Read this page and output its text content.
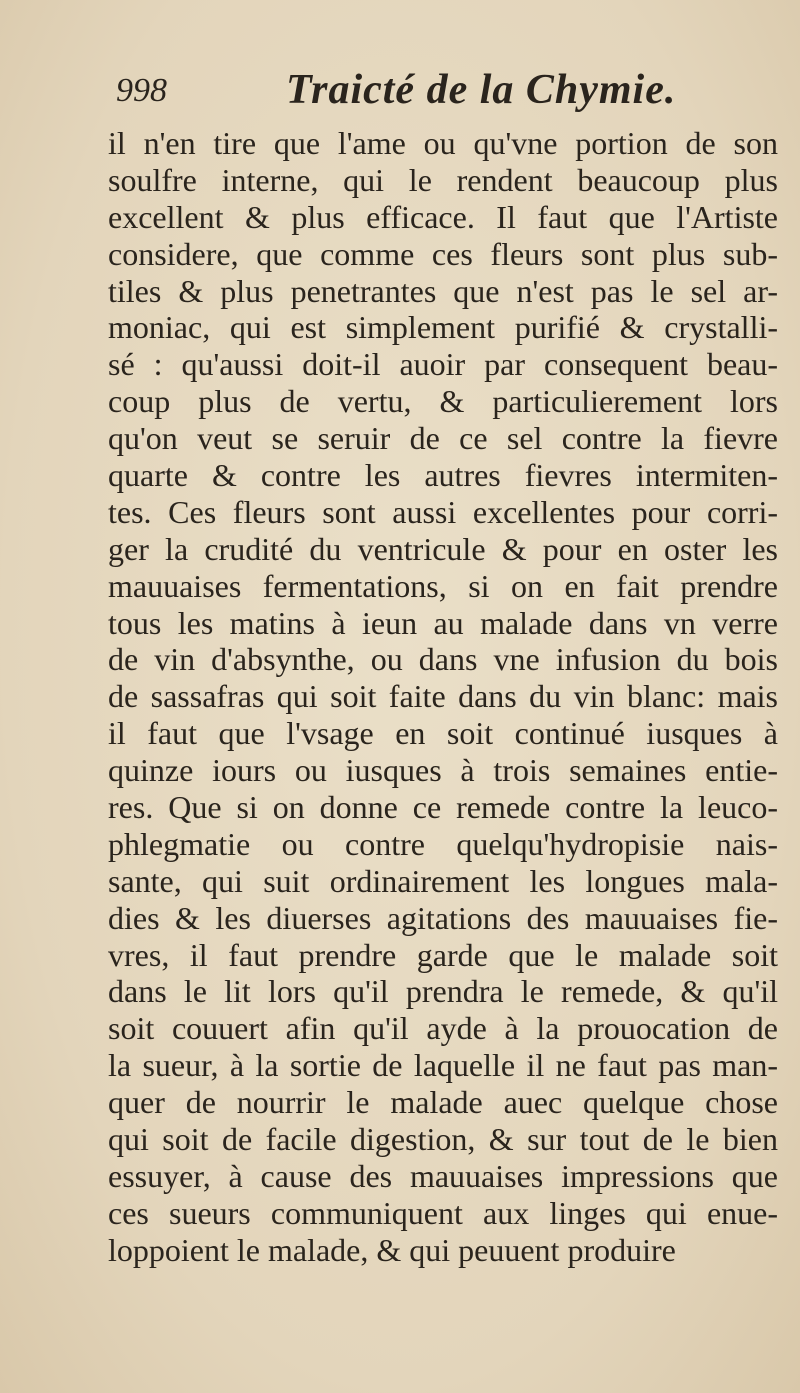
998	Traicté de la Chymie.
il n'en tire que l'ame ou qu'vne portion de son
soulfre interne, qui le rendent beaucoup plus
excellent & plus efficace. Il faut que l'Artiste
considere, que comme ces fleurs sont plus sub-
tiles & plus penetrantes que n'est pas le sel ar-
moniac, qui est simplement purifié & crystalli-
sé : qu'aussi doit-il auoir par consequent beau-
coup plus de vertu, & particulierement lors
qu'on veut se seruir de ce sel contre la fievre
quarte & contre les autres fievres intermiten-
tes. Ces fleurs sont aussi excellentes pour corri-
ger la crudité du ventricule & pour en oster les
mauuaises fermentations, si on en fait prendre
tous les matins à ieun au malade dans vn verre
de vin d'absynthe, ou dans vne infusion du bois
de sassafras qui soit faite dans du vin blanc: mais
il faut que l'vsage en soit continué iusques à
quinze iours ou iusques à trois semaines entie-
res. Que si on donne ce remede contre la leuco-
phlegmatie ou contre quelqu'hydropisie nais-
sante, qui suit ordinairement les longues mala-
dies & les diuerses agitations des mauuaises fie-
vres, il faut prendre garde que le malade soit
dans le lit lors qu'il prendra le remede, & qu'il
soit couuert afin qu'il ayde à la prouocation de
la sueur, à la sortie de laquelle il ne faut pas man-
quer de nourrir le malade auec quelque chose
qui soit de facile digestion, & sur tout de le bien
essuyer, à cause des mauuaises impressions que
ces sueurs communiquent aux linges qui enue-
loppoient le malade, & qui peuuent produire
